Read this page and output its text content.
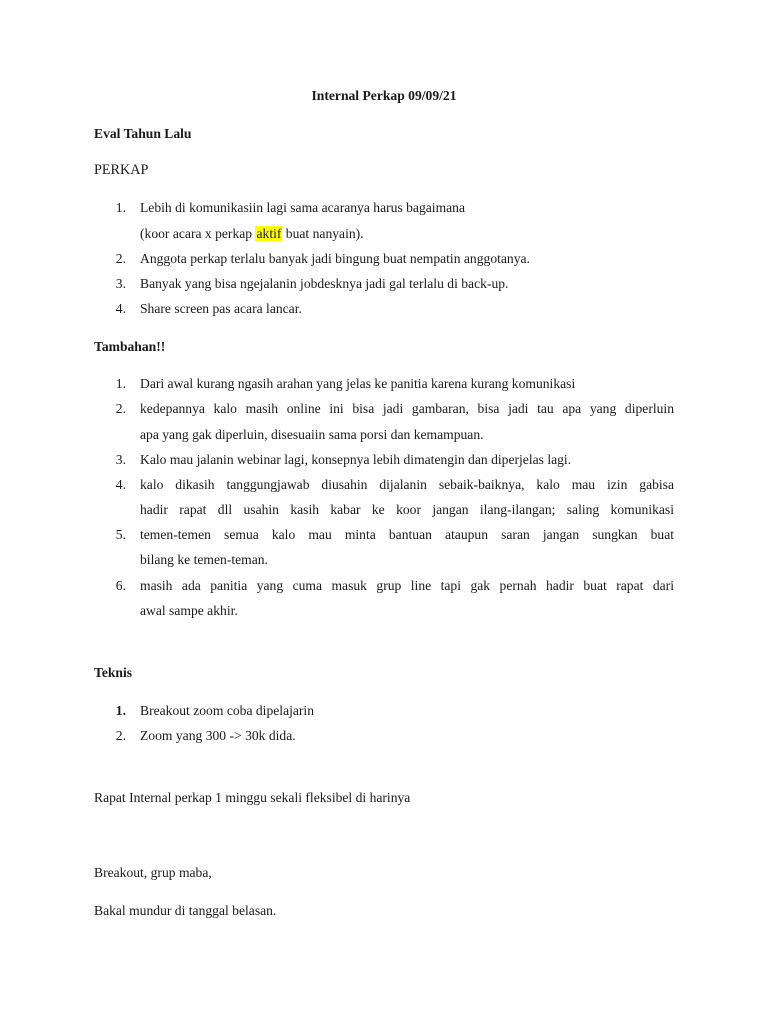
Internal Perkap 09/09/21
Eval Tahun Lalu
PERKAP
1. Lebih di komunikasiin lagi sama acaranya harus bagaimana
(koor acara x perkap aktif buat nanyain).
2. Anggota perkap terlalu banyak jadi bingung buat nempatin anggotanya.
3. Banyak yang bisa ngejalanin jobdesknya jadi gal terlalu di back-up.
4. Share screen pas acara lancar.
Tambahan!!
1. Dari awal kurang ngasih arahan yang jelas ke panitia karena kurang komunikasi
2. kedepannya kalo masih online ini bisa jadi gambaran, bisa jadi tau apa yang diperluin
apa yang gak diperluin, disesuaiin sama porsi dan kemampuan.
3. Kalo mau jalanin webinar lagi, konsepnya lebih dimatengin dan diperjelas lagi.
4. kalo dikasih tanggungjawab diusahin dijalanin sebaik-baiknya, kalo mau izin gabisa
hadir rapat dll usahin kasih kabar ke koor jangan ilang-ilangan; saling komunikasi
5. temen-temen semua kalo mau minta bantuan ataupun saran jangan sungkan buat
bilang ke temen-teman.
6. masih ada panitia yang cuma masuk grup line tapi gak pernah hadir buat rapat dari
awal sampe akhir.
Teknis
1. Breakout zoom coba dipelajarin
2. Zoom yang 300 -> 30k dida.
Rapat Internal perkap 1 minggu sekali fleksibel di harinya
Breakout, grup maba,
Bakal mundur di tanggal belasan.
